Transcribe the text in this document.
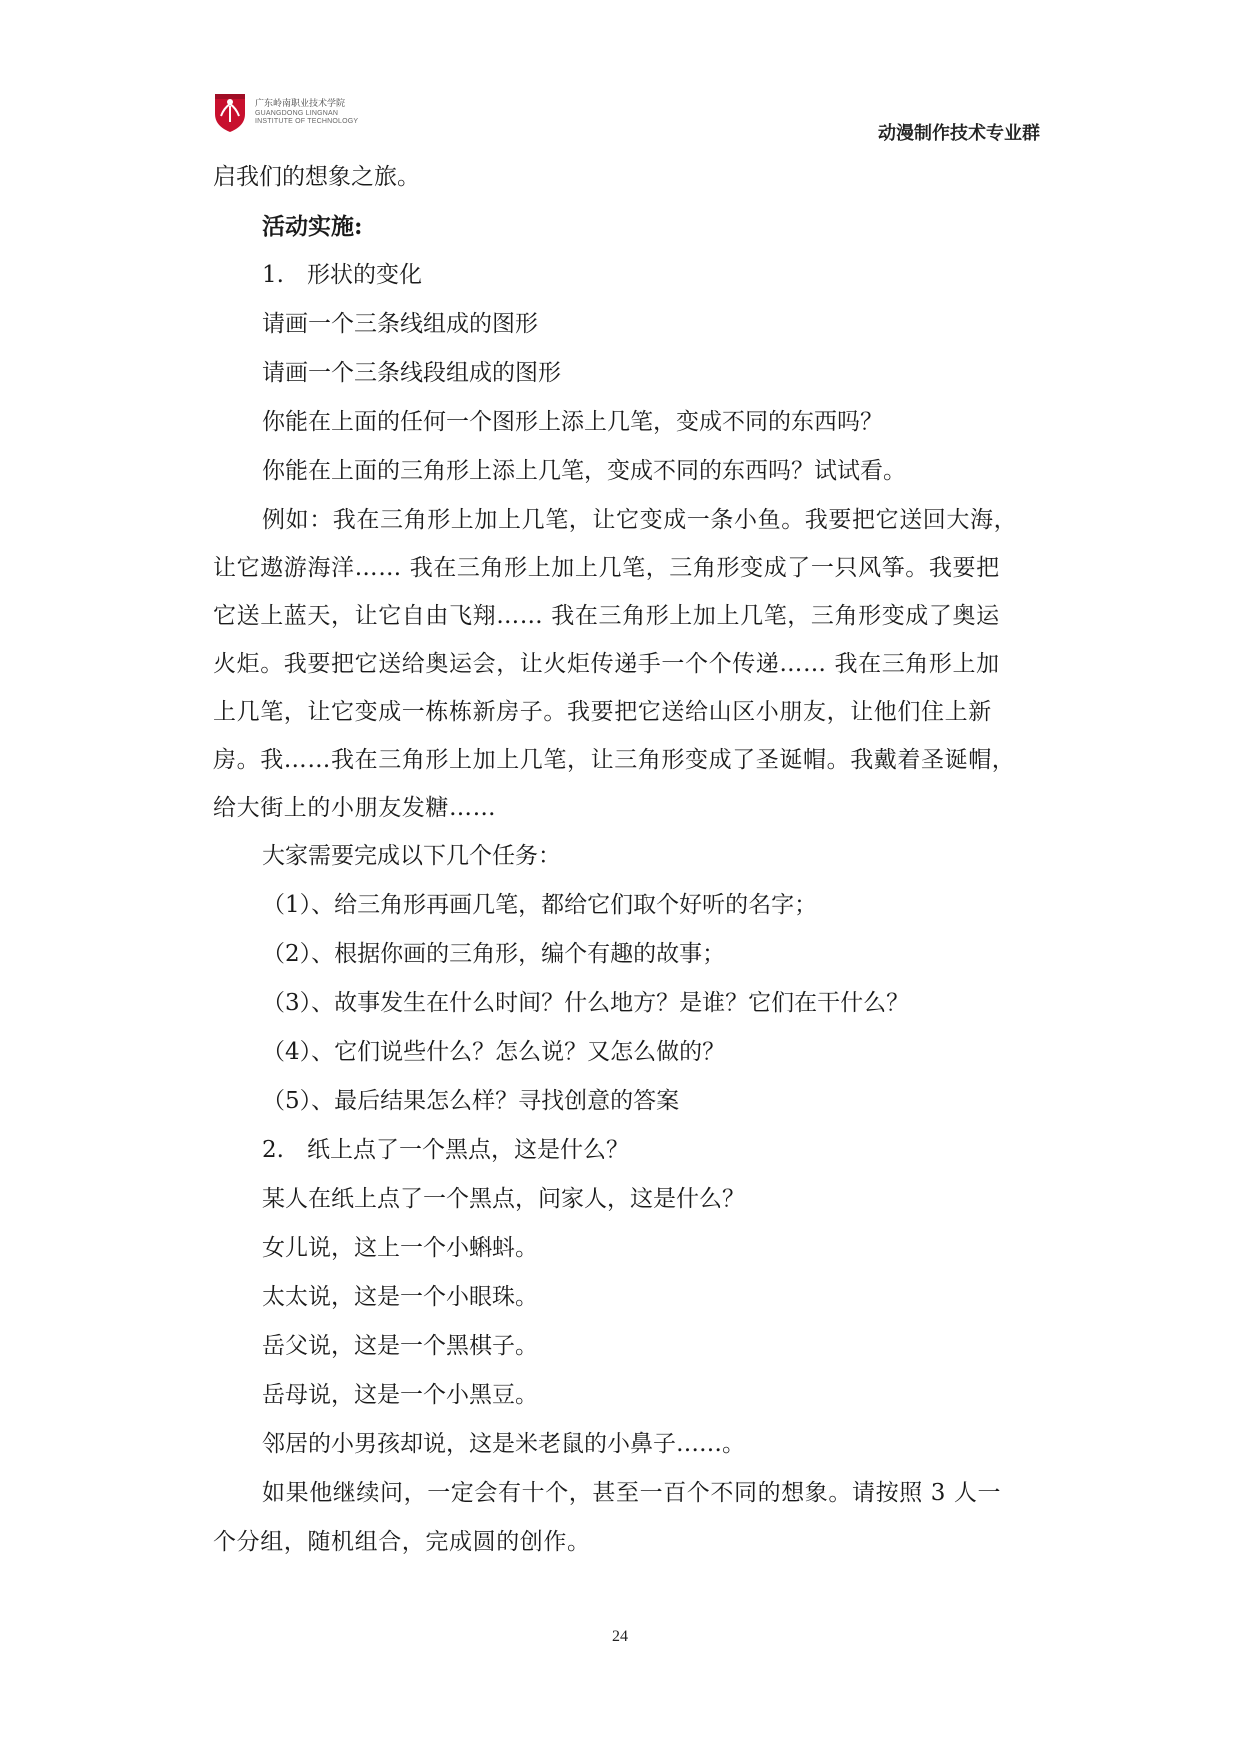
广东岭南职业技术学院
GUANGDONG LINGNAN
INSTITUTE OF TECHNOLOGY
动漫制作技术专业群

启我们的想象之旅。

活动实施:

1.　形状的变化

请画一个三条线组成的图形

请画一个三条线段组成的图形

你能在上面的任何一个图形上添上几笔，变成不同的东西吗？

你能在上面的三角形上添上几笔，变成不同的东西吗？试试看。

例如：我在三角形上加上几笔，让它变成一条小鱼。我要把它送回大海，
让它遨游海洋…… 我在三角形上加上几笔，三角形变成了一只风筝。我要把
它送上蓝天，让它自由飞翔…… 我在三角形上加上几笔，三角形变成了奥运
火炬。我要把它送给奥运会，让火炬传递手一个个传递…… 我在三角形上加
上几笔，让它变成一栋栋新房子。我要把它送给山区小朋友，让他们住上新
房。我……我在三角形上加上几笔，让三角形变成了圣诞帽。我戴着圣诞帽，
给大街上的小朋友发糖……

大家需要完成以下几个任务：

（1）、给三角形再画几笔，都给它们取个好听的名字；

（2）、根据你画的三角形，编个有趣的故事；

（3）、故事发生在什么时间？什么地方？是谁？它们在干什么？

（4）、它们说些什么？怎么说？又怎么做的？

（5）、最后结果怎么样？寻找创意的答案

2.　纸上点了一个黑点，这是什么？

某人在纸上点了一个黑点，问家人，这是什么？

女儿说，这上一个小蝌蚪。

太太说，这是一个小眼珠。

岳父说，这是一个黑棋子。

岳母说，这是一个小黑豆。

邻居的小男孩却说，这是米老鼠的小鼻子……。

如果他继续问，一定会有十个，甚至一百个不同的想象。请按照 3 人一
个分组，随机组合，完成圆的创作。
24
